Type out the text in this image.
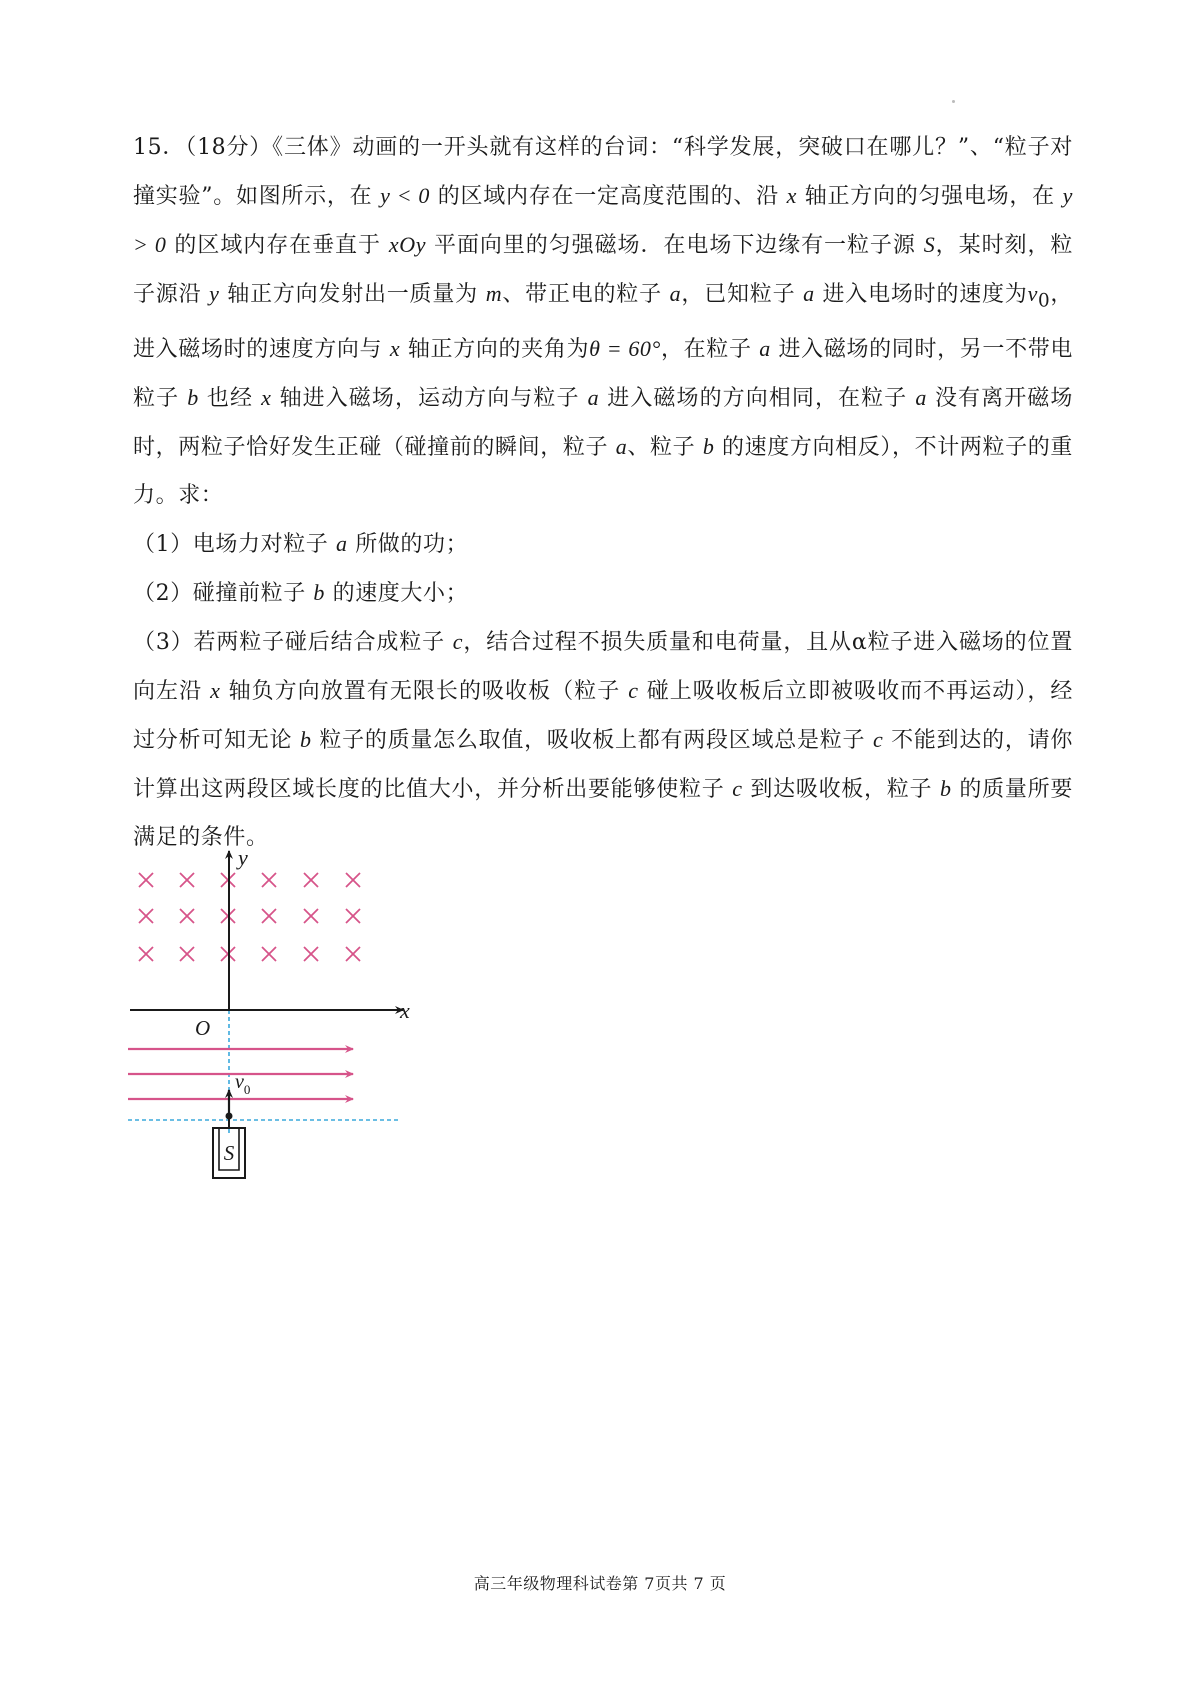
15．（18分）《三体》动画的一开头就有这样的台词：“科学发展，突破口在哪儿？”、“粒子对撞实验”。如图所示，在 y < 0 的区域内存在一定高度范围的、沿 x 轴正方向的匀强电场，在 y > 0 的区域内存在垂直于 xOy 平面向里的匀强磁场．在电场下边缘有一粒子源 S，某时刻，粒子源沿 y 轴正方向发射出一质量为 m、带正电的粒子 a，已知粒子 a 进入电场时的速度为$v_0$，进入磁场时的速度方向与 x 轴正方向的夹角为θ = 60°，在粒子 a 进入磁场的同时，另一不带电粒子 b 也经 x 轴进入磁场，运动方向与粒子 a 进入磁场的方向相同，在粒子 a 没有离开磁场时，两粒子恰好发生正碰（碰撞前的瞬间，粒子 a、粒子 b 的速度方向相反），不计两粒子的重力。求：

（1）电场力对粒子 a 所做的功；

（2）碰撞前粒子 b 的速度大小；

（3）若两粒子碰后结合成粒子 c，结合过程不损失质量和电荷量，且从α粒子进入磁场的位置向左沿 x 轴负方向放置有无限长的吸收板（粒子 c 碰上吸收板后立即被吸收而不再运动），经过分析可知无论 b 粒子的质量怎么取值，吸收板上都有两段区域总是粒子 c 不能到达的，请你计算出这两段区域长度的比值大小，并分析出要能够使粒子 c 到达吸收板，粒子 b 的质量所要满足的条件。

y
x
O
$v_0$
S
高三年级物理科试卷第 7页共 7 页
